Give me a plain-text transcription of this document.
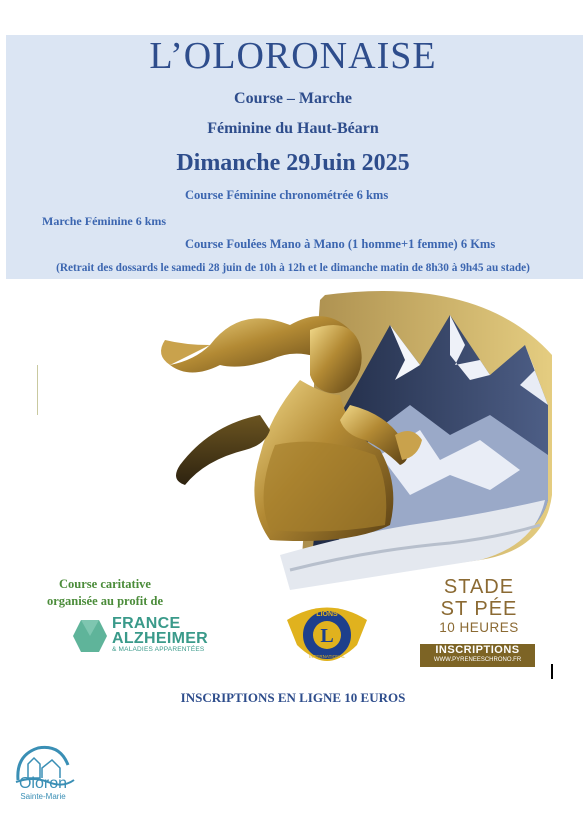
L’OLORONAISE
Course – Marche
Féminine du Haut-Béarn
Dimanche 29Juin 2025
Course Féminine chronométrée 6 kms
Marche Féminine 6 kms
Course Foulées Mano à Mano (1 homme+1 femme) 6 Kms
(Retrait des dossards le samedi 28 juin de 10h à 12h et le dimanche matin de 8h30 à 9h45 au stade)
Course caritative
organisée au profit de
FRANCE
ALZHEIMER
& MALADIES APPARENTÉES
L
LIONS
INTERNATIONAL
STADE
ST PÉE
10 HEURES
INSCRIPTIONS
WWW.PYRENEESCHRONO.FR
INSCRIPTIONS EN LIGNE 10 EUROS
Oloron
Sainte-Marie
